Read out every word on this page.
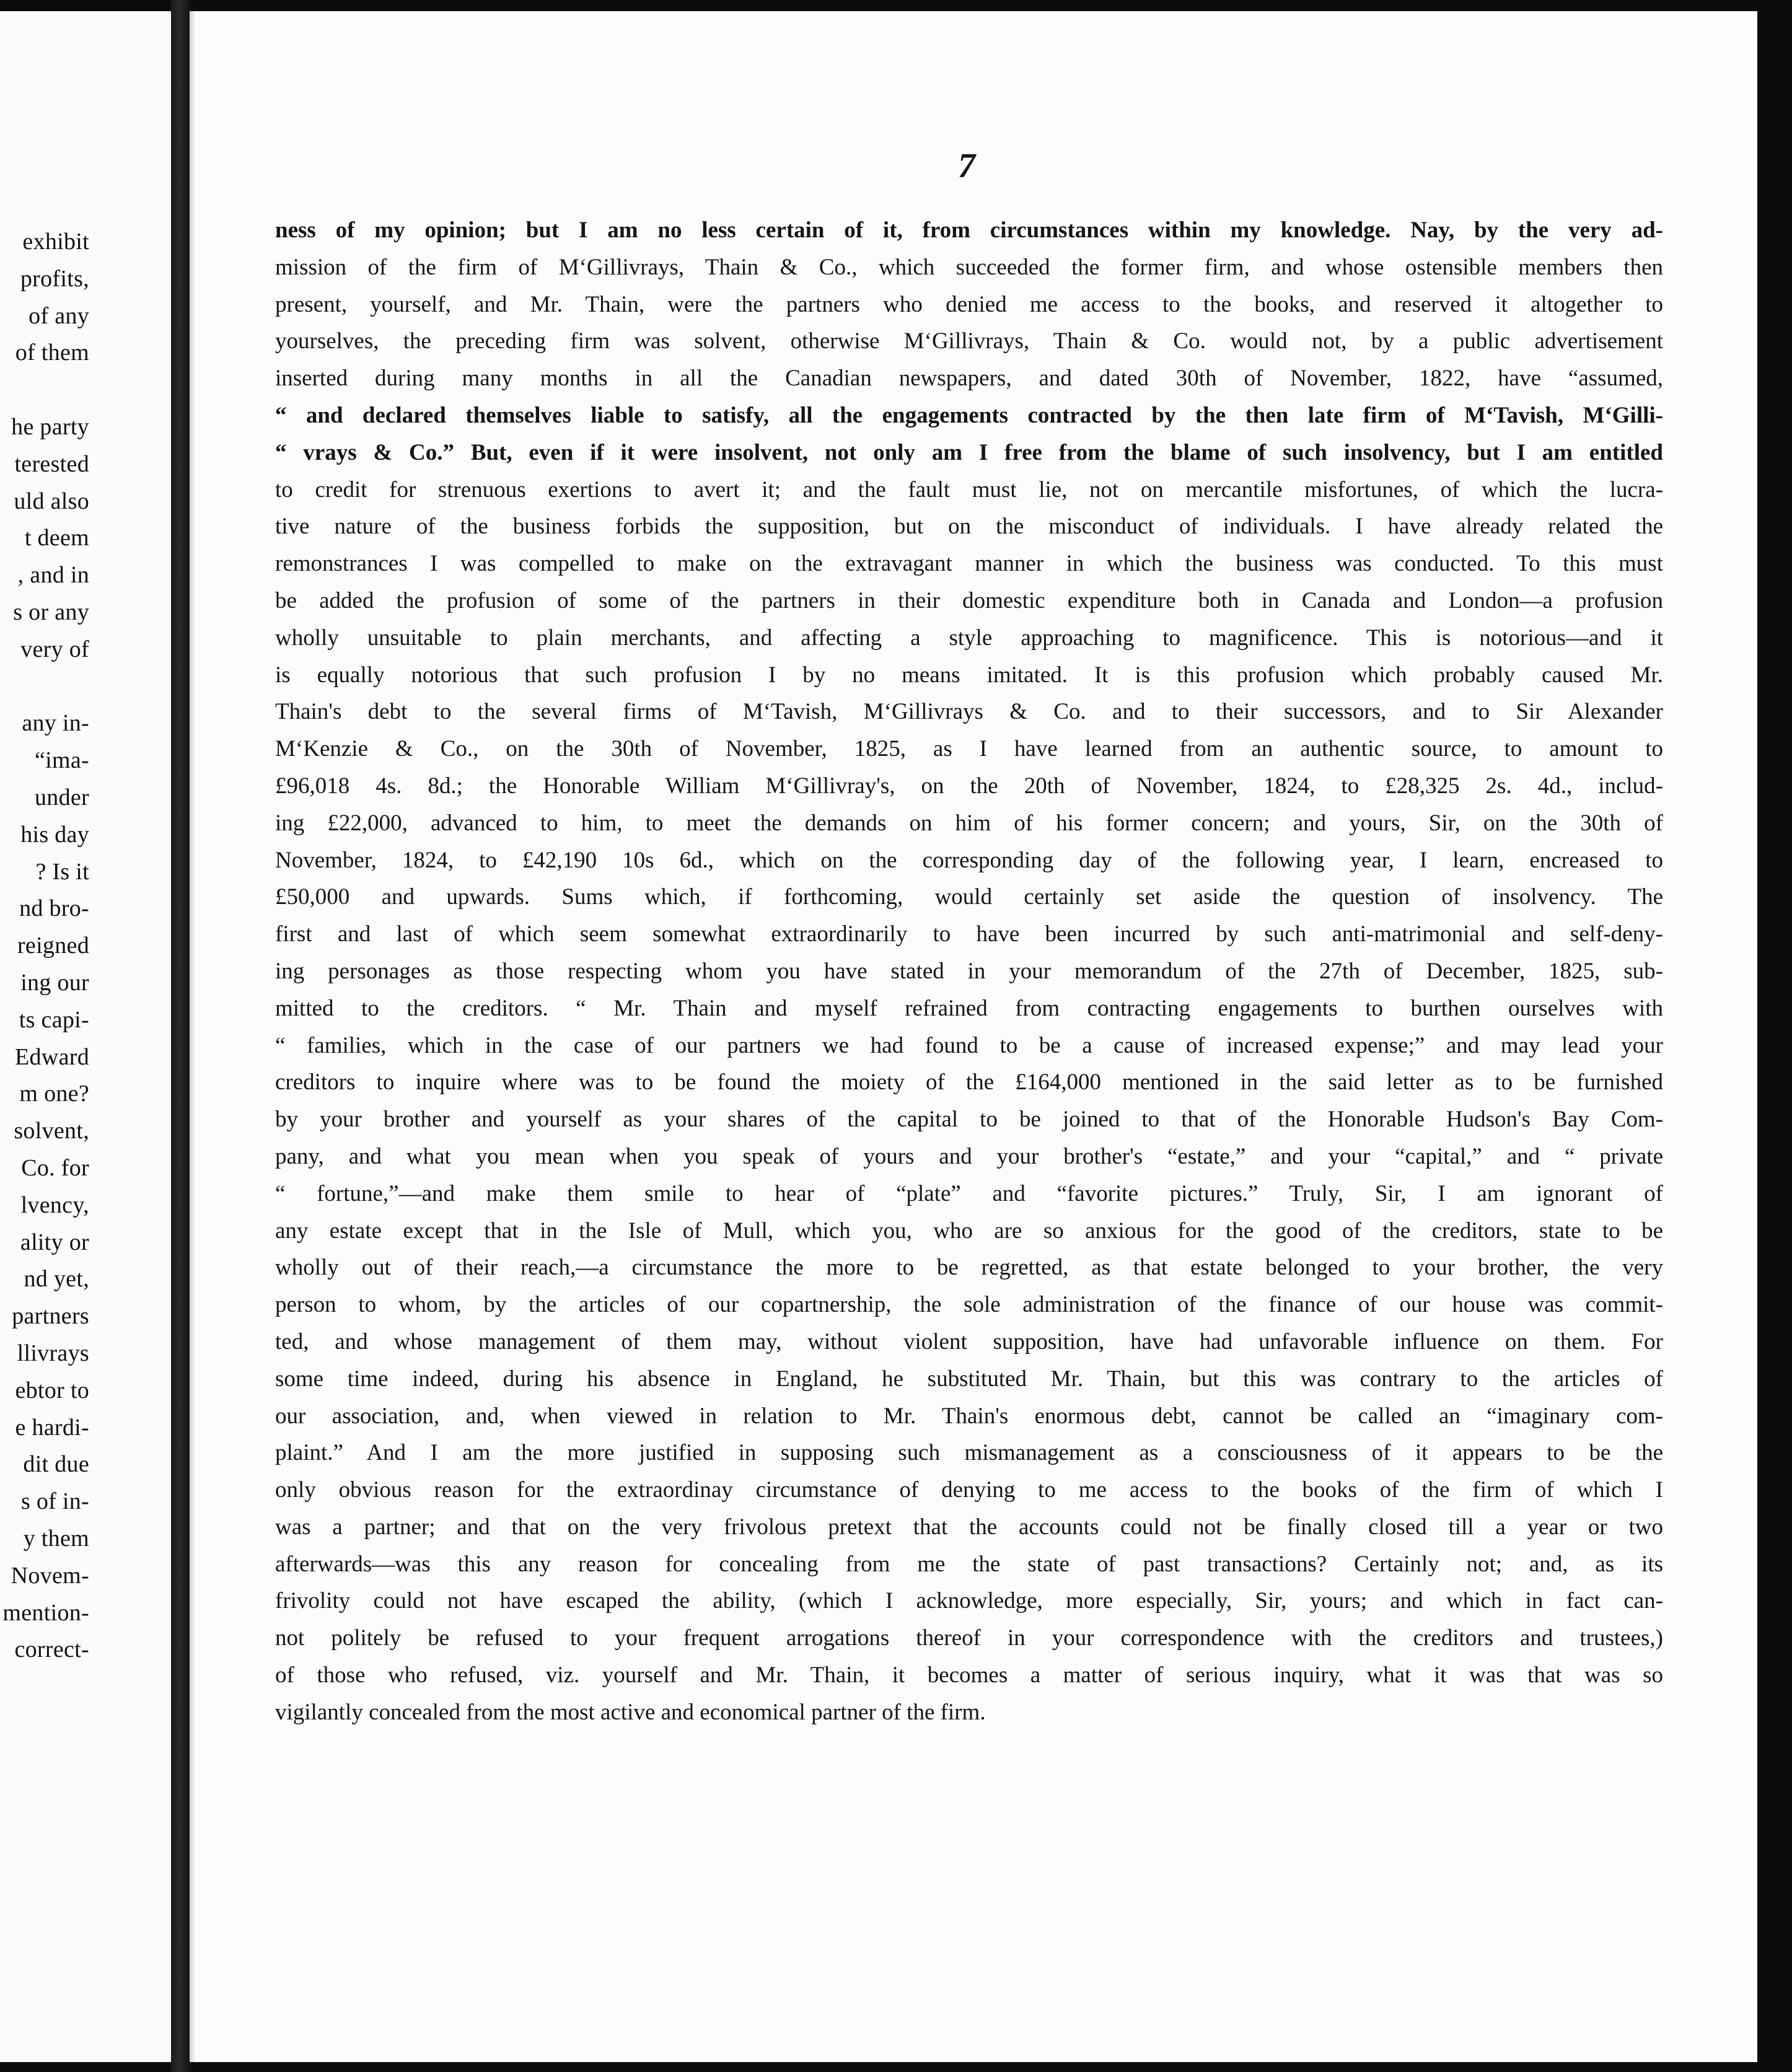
exhibit
profits,
of any
of them
he party
terested
uld also
t deem
, and in
s or any
very of
any in-
“ima-
under
his day
? Is it
nd bro-
reigned
ing our
ts capi-
Edward
m one?
solvent,
Co. for
lvency,
ality or
nd yet,
partners
llivrays
ebtor to
e hardi-
dit due
s of in-
y them
Novem-
mention-
correct-
7
ness of my opinion; but I am no less certain of it, from circumstances within my knowledge. Nay, by the very ad-
mission of the firm of M‘Gillivrays, Thain & Co., which succeeded the former firm, and whose ostensible members then
present, yourself, and Mr. Thain, were the partners who denied me access to the books, and reserved it altogether to
yourselves, the preceding firm was solvent, otherwise M‘Gillivrays, Thain & Co. would not, by a public advertisement
inserted during many months in all the Canadian newspapers, and dated 30th of November, 1822, have “assumed,
“ and declared themselves liable to satisfy, all the engagements contracted by the then late firm of M‘Tavish, M‘Gilli-
“ vrays & Co.” But, even if it were insolvent, not only am I free from the blame of such insolvency, but I am entitled
to credit for strenuous exertions to avert it; and the fault must lie, not on mercantile misfortunes, of which the lucra-
tive nature of the business forbids the supposition, but on the misconduct of individuals. I have already related the
remonstrances I was compelled to make on the extravagant manner in which the business was conducted. To this must
be added the profusion of some of the partners in their domestic expenditure both in Canada and London—a profusion
wholly unsuitable to plain merchants, and affecting a style approaching to magnificence. This is notorious—and it
is equally notorious that such profusion I by no means imitated. It is this profusion which probably caused Mr.
Thain's debt to the several firms of M‘Tavish, M‘Gillivrays & Co. and to their successors, and to Sir Alexander
M‘Kenzie & Co., on the 30th of November, 1825, as I have learned from an authentic source, to amount to
£96,018 4s. 8d.; the Honorable William M‘Gillivray's, on the 20th of November, 1824, to £28,325 2s. 4d., includ-
ing £22,000, advanced to him, to meet the demands on him of his former concern; and yours, Sir, on the 30th of
November, 1824, to £42,190 10s 6d., which on the corresponding day of the following year, I learn, encreased to
£50,000 and upwards. Sums which, if forthcoming, would certainly set aside the question of insolvency. The
first and last of which seem somewhat extraordinarily to have been incurred by such anti-matrimonial and self-deny-
ing personages as those respecting whom you have stated in your memorandum of the 27th of December, 1825, sub-
mitted to the creditors. “ Mr. Thain and myself refrained from contracting engagements to burthen ourselves with
“ families, which in the case of our partners we had found to be a cause of increased expense;” and may lead your
creditors to inquire where was to be found the moiety of the £164,000 mentioned in the said letter as to be furnished
by your brother and yourself as your shares of the capital to be joined to that of the Honorable Hudson's Bay Com-
pany, and what you mean when you speak of yours and your brother's “estate,” and your “capital,” and “ private
“ fortune,”—and make them smile to hear of “plate” and “favorite pictures.” Truly, Sir, I am ignorant of
any estate except that in the Isle of Mull, which you, who are so anxious for the good of the creditors, state to be
wholly out of their reach,—a circumstance the more to be regretted, as that estate belonged to your brother, the very
person to whom, by the articles of our copartnership, the sole administration of the finance of our house was commit-
ted, and whose management of them may, without violent supposition, have had unfavorable influence on them. For
some time indeed, during his absence in England, he substituted Mr. Thain, but this was contrary to the articles of
our association, and, when viewed in relation to Mr. Thain's enormous debt, cannot be called an “imaginary com-
plaint.” And I am the more justified in supposing such mismanagement as a consciousness of it appears to be the
only obvious reason for the extraordinay circumstance of denying to me access to the books of the firm of which I
was a partner; and that on the very frivolous pretext that the accounts could not be finally closed till a year or two
afterwards—was this any reason for concealing from me the state of past transactions? Certainly not; and, as its
frivolity could not have escaped the ability, (which I acknowledge, more especially, Sir, yours; and which in fact can-
not politely be refused to your frequent arrogations thereof in your correspondence with the creditors and trustees,)
of those who refused, viz. yourself and Mr. Thain, it becomes a matter of serious inquiry, what it was that was so
vigilantly concealed from the most active and economical partner of the firm.
